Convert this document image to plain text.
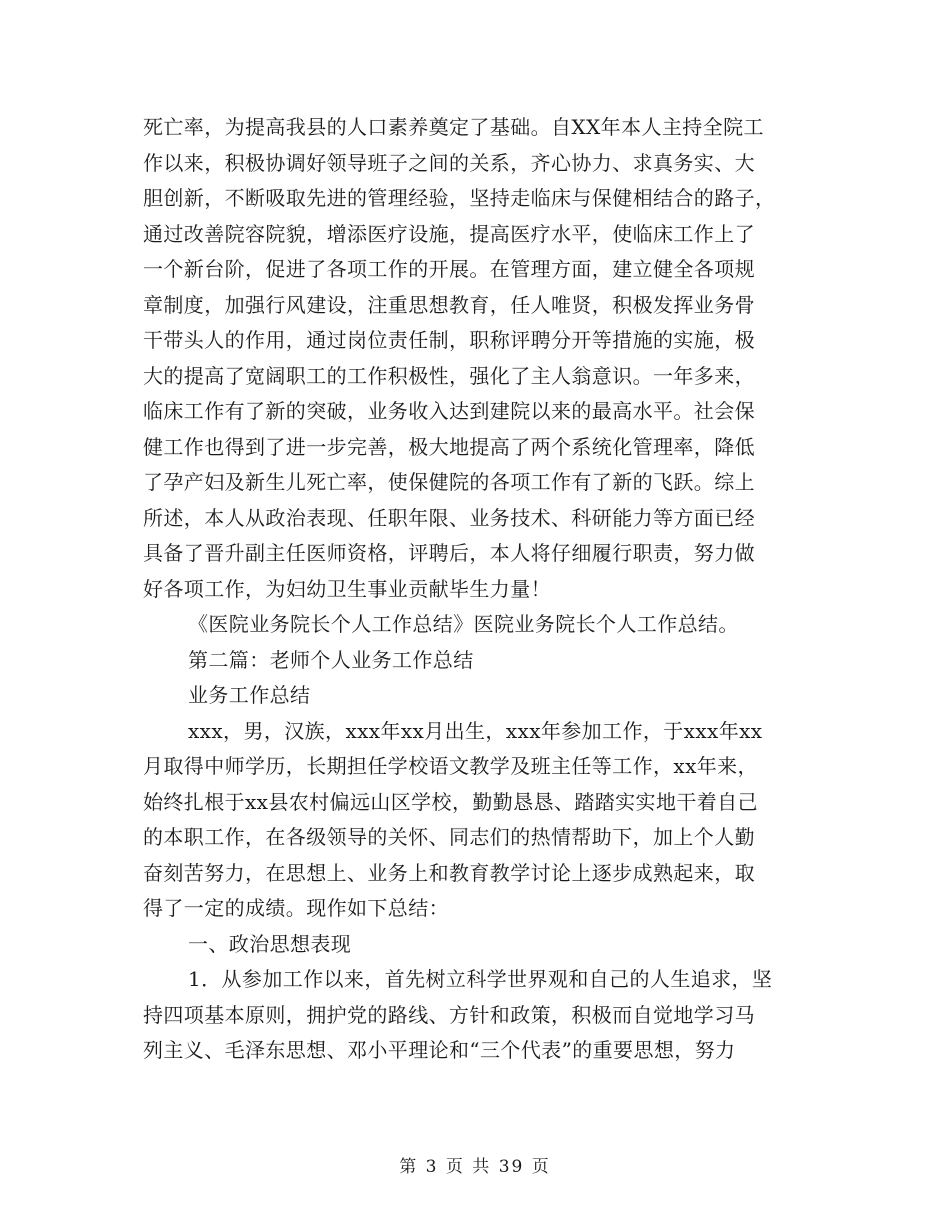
死亡率，为提高我县的人口素养奠定了基础。自XX年本人主持全院工
作以来，积极协调好领导班子之间的关系，齐心协力、求真务实、大
胆创新，不断吸取先进的管理经验，坚持走临床与保健相结合的路子，
通过改善院容院貌，增添医疗设施，提高医疗水平，使临床工作上了
一个新台阶，促进了各项工作的开展。在管理方面，建立健全各项规
章制度，加强行风建设，注重思想教育，任人唯贤，积极发挥业务骨
干带头人的作用，通过岗位责任制，职称评聘分开等措施的实施，极
大的提高了宽阔职工的工作积极性，强化了主人翁意识。一年多来，
临床工作有了新的突破，业务收入达到建院以来的最高水平。社会保
健工作也得到了进一步完善，极大地提高了两个系统化管理率，降低
了孕产妇及新生儿死亡率，使保健院的各项工作有了新的飞跃。综上
所述，本人从政治表现、任职年限、业务技术、科研能力等方面已经
具备了晋升副主任医师资格，评聘后，本人将仔细履行职责，努力做
好各项工作，为妇幼卫生事业贡献毕生力量！
《医院业务院长个人工作总结》医院业务院长个人工作总结。
第二篇：老师个人业务工作总结
业务工作总结
xxx，男，汉族，xxx年xx月出生，xxx年参加工作，于xxx年xx
月取得中师学历，长期担任学校语文教学及班主任等工作，xx年来，
始终扎根于xx县农村偏远山区学校，勤勤恳恳、踏踏实实地干着自己
的本职工作，在各级领导的关怀、同志们的热情帮助下，加上个人勤
奋刻苦努力，在思想上、业务上和教育教学讨论上逐步成熟起来，取
得了一定的成绩。现作如下总结：
一、政治思想表现
1．从参加工作以来，首先树立科学世界观和自己的人生追求，坚
持四项基本原则，拥护党的路线、方针和政策，积极而自觉地学习马
列主义、毛泽东思想、邓小平理论和“三个代表”的重要思想，努力
第 3 页 共 39 页
